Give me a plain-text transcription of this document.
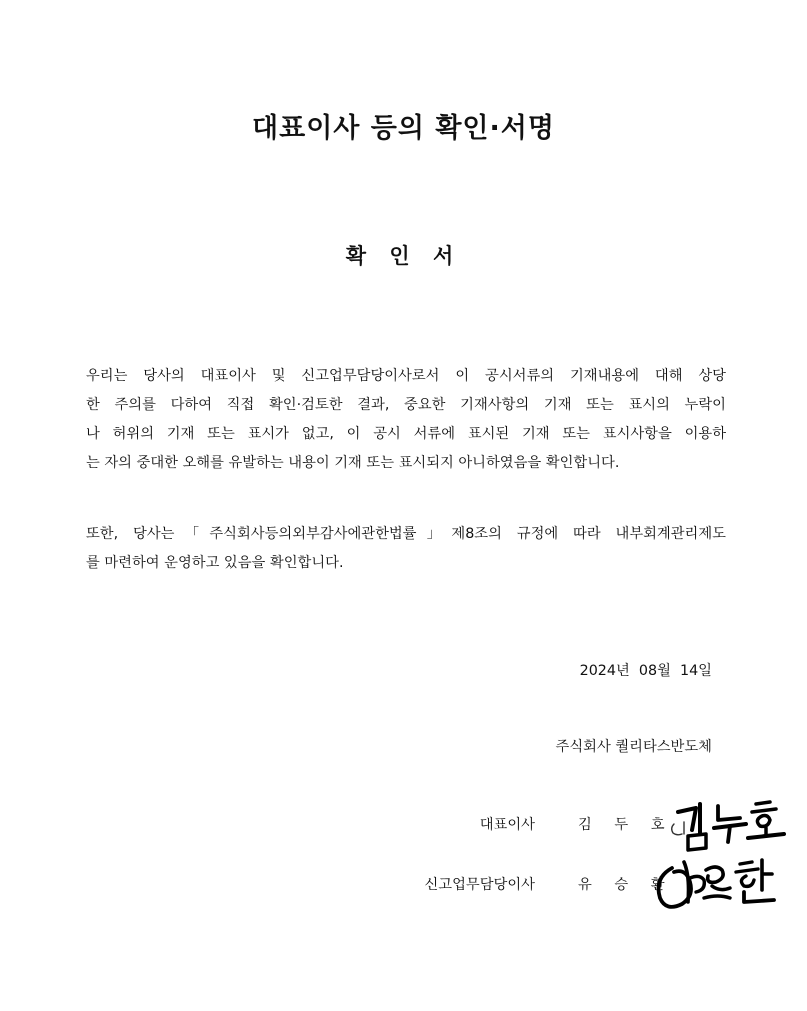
대표이사 등의 확인·서명
확 인 서

우리는 당사의 대표이사 및 신고업무담당이사로서 이 공시서류의 기재내용에 대해 상당
한 주의를 다하여 직접 확인·검토한 결과, 중요한 기재사항의 기재 또는 표시의 누락이
나 허위의 기재 또는 표시가 없고, 이 공시 서류에 표시된 기재 또는 표시사항을 이용하
는 자의 중대한 오해를 유발하는 내용이 기재 또는 표시되지 아니하였음을 확인합니다.

또한, 당사는「주식회사등의외부감사에관한법률」제8조의 규정에 따라 내부회계관리제도
를 마련하여 운영하고 있음을 확인합니다.

2024년  08월  14일
주식회사 퀄리타스반도체
대표이사	김 두 호
신고업무담당이사	유 승 환
